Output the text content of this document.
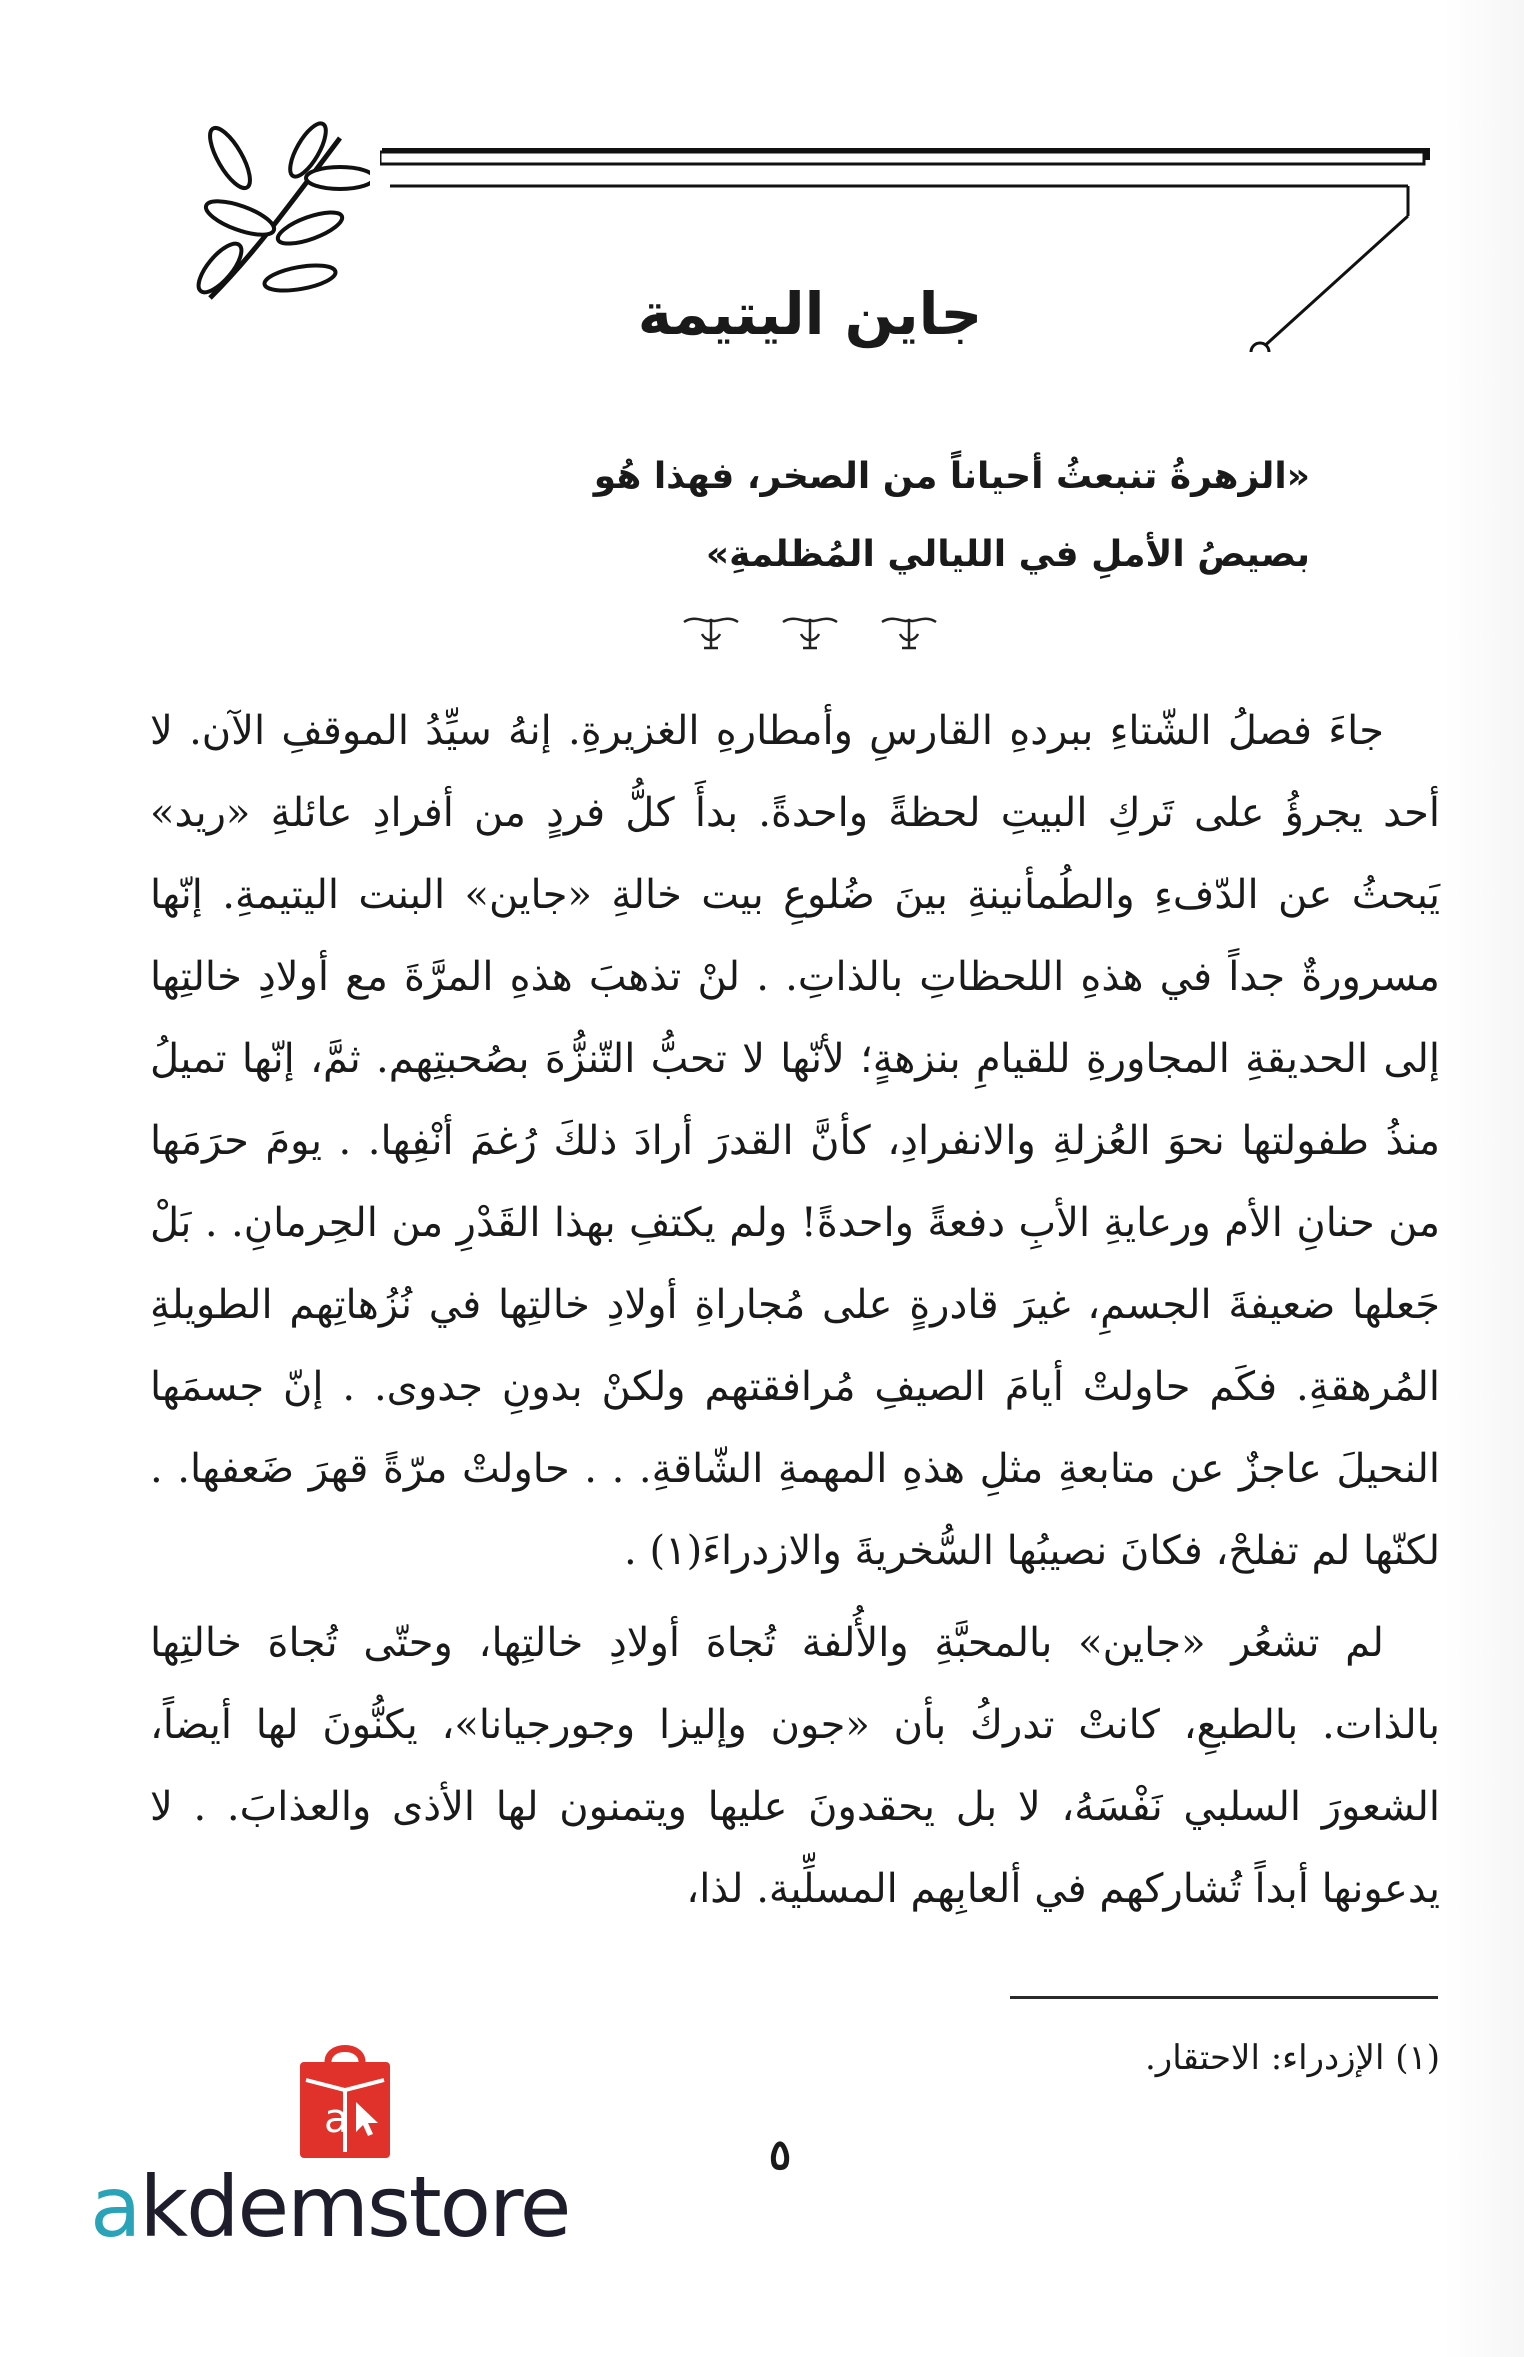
جاين اليتيمة

«الزهرةُ تنبعثُ أحياناً من الصخر، فهذا هُو

بصيصُ الأملِ في الليالي المُظلمةِ»

جاءَ فصلُ الشّتاءِ ببردهِ القارسِ وأمطارهِ الغزيرةِ. إنهُ سيِّدُ الموقفِ الآن. لا أحد يجرؤُ على تَركِ البيتِ لحظةً واحدةً. بدأَ كلُّ فردٍ من أفرادِ عائلةِ «ريد» يَبحثُ عن الدّفءِ والطُمأنينةِ بينَ ضُلوعِ بيت خالةِ «جاين» البنت اليتيمةِ. إنّها مسرورةٌ جداً في هذهِ اللحظاتِ بالذاتِ. . لنْ تذهبَ هذهِ المرَّةَ مع أولادِ خالتِها إلى الحديقةِ المجاورةِ للقيامِ بنزهةٍ؛ لأنّها لا تحبُّ التّنزُّهَ بصُحبتِهم. ثمَّ، إنّها تميلُ منذُ طفولتها نحوَ العُزلةِ والانفرادِ، كأنَّ القدرَ أرادَ ذلكَ رُغمَ أنْفِها. . يومَ حرَمَها من حنانِ الأم ورعايةِ الأبِ دفعةً واحدةً! ولم يكتفِ بهذا القَدْرِ من الحِرمانِ. . بَلْ جَعلها ضعيفةَ الجسمِ، غيرَ قادرةٍ على مُجاراةِ أولادِ خالتِها في نُزُهاتِهم الطويلةِ المُرهقةِ. فكَم حاولتْ أيامَ الصيفِ مُرافقتهم ولكنْ بدونِ جدوى. . إنّ جسمَها النحيلَ عاجزٌ عن متابعةِ مثلِ هذهِ المهمةِ الشّاقةِ. . . حاولتْ مرّةً قهرَ ضَعفها. . لكنّها لم تفلحْ، فكانَ نصيبُها السُّخريةَ والازدراءَ(١) .

لم تشعُر «جاين» بالمحبَّةِ والأُلفة تُجاهَ أولادِ خالتِها، وحتّى تُجاهَ خالتِها بالذات. بالطبعِ، كانتْ تدركُ بأن «جون وإليزا وجورجيانا»، يكنُّونَ لها أيضاً، الشعورَ السلبي نَفْسَهُ، لا بل يحقدونَ عليها ويتمنون لها الأذى والعذابَ. . لا يدعونها أبداً تُشاركهم في ألعابِهم المسلِّية. لذا،

(١) الإزدراء: الاحتقار.

٥
a
akdemstore
